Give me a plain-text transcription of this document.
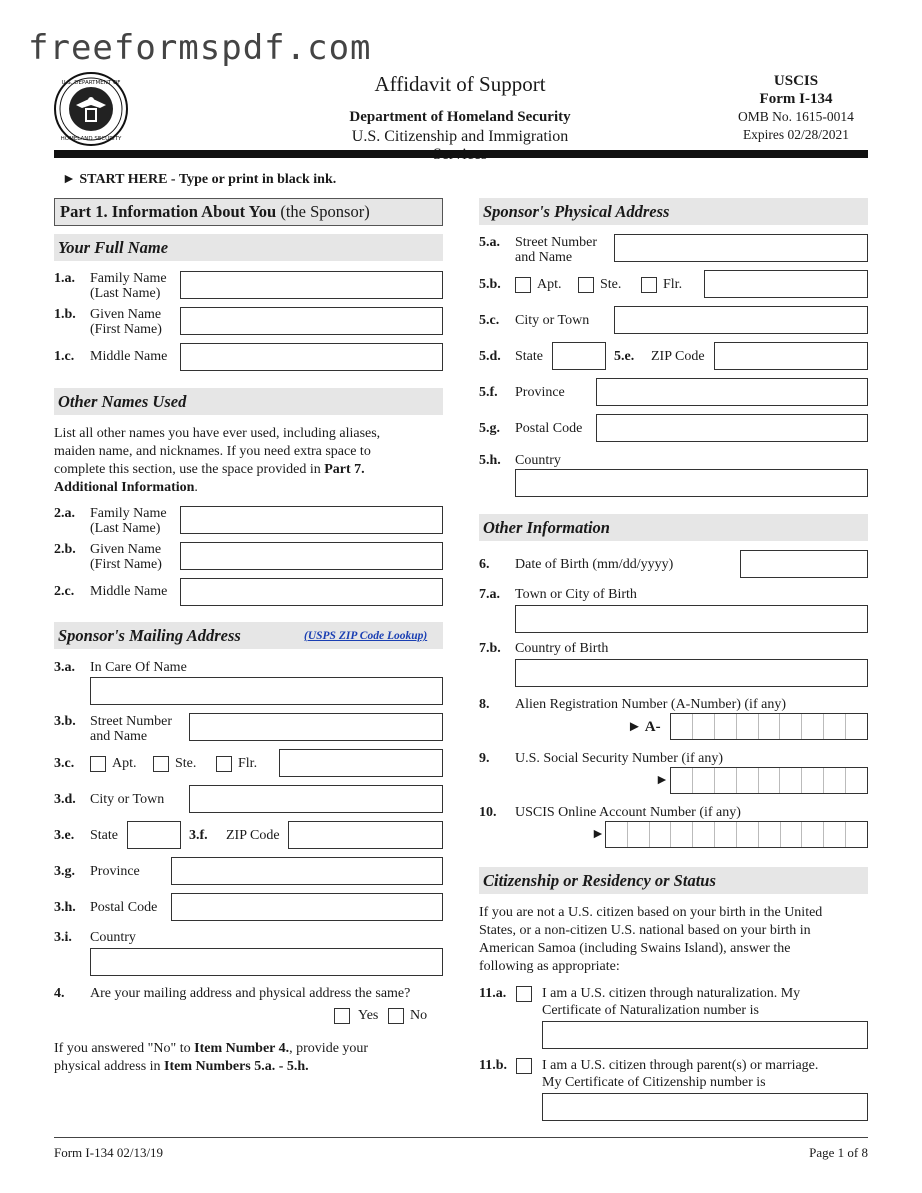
freeformspdf.com
U.S. DEPARTMENT OF
HOMELAND SECURITY
Affidavit of Support
Department of Homeland Security
U.S. Citizenship and Immigration
USCIS
Form I-134
OMB No. 1615-0014
Expires 02/28/2021
► START HERE - Type or print in black ink.
Part 1. Information About You (the Sponsor)
Your Full Name
1.a. Family Name
(Last Name)
1.b. Given Name
(First Name)
1.c. Middle Name
Other Names Used
List all other names you have ever used, including aliases,
maiden name, and nicknames. If you need extra space to
complete this section, use the space provided in Part 7.
Additional Information.
2.a. Family Name
(Last Name)
2.b. Given Name
(First Name)
2.c. Middle Name
Sponsor's Mailing Address	(USPS ZIP Code Lookup)
3.a. In Care Of Name
3.b. Street Number
and Name
3.c.	Apt.	Ste.	Flr.
3.d. City or Town
3.e. State	3.f. ZIP Code
3.g. Province
3.h. Postal Code
3.i. Country
4. Are your mailing address and physical address the same?
Yes No
If you answered "No" to Item Number 4., provide your
physical address in Item Numbers 5.a. - 5.h.
Sponsor's Physical Address
5.a. Street Number
and Name
5.b.	Apt.	Ste.	Flr.
5.c. City or Town
5.d. State	5.e. ZIP Code
5.f. Province
5.g. Postal Code
5.h. Country
Other Information
6. Date of Birth (mm/dd/yyyy)
7.a. Town or City of Birth
7.b. Country of Birth
8. Alien Registration Number (A-Number) (if any)
► A-
9. U.S. Social Security Number (if any)
►
10. USCIS Online Account Number (if any)
►
Citizenship or Residency or Status
If you are not a U.S. citizen based on your birth in the United
States, or a non-citizen U.S. national based on your birth in
American Samoa (including Swains Island), answer the
following as appropriate:
11.a.	I am a U.S. citizen through naturalization. My
Certificate of Naturalization number is
11.b. I am a U.S. citizen through parent(s) or marriage.
My Certificate of Citizenship number is
Form I-134 02/13/19	Page 1 of 8
